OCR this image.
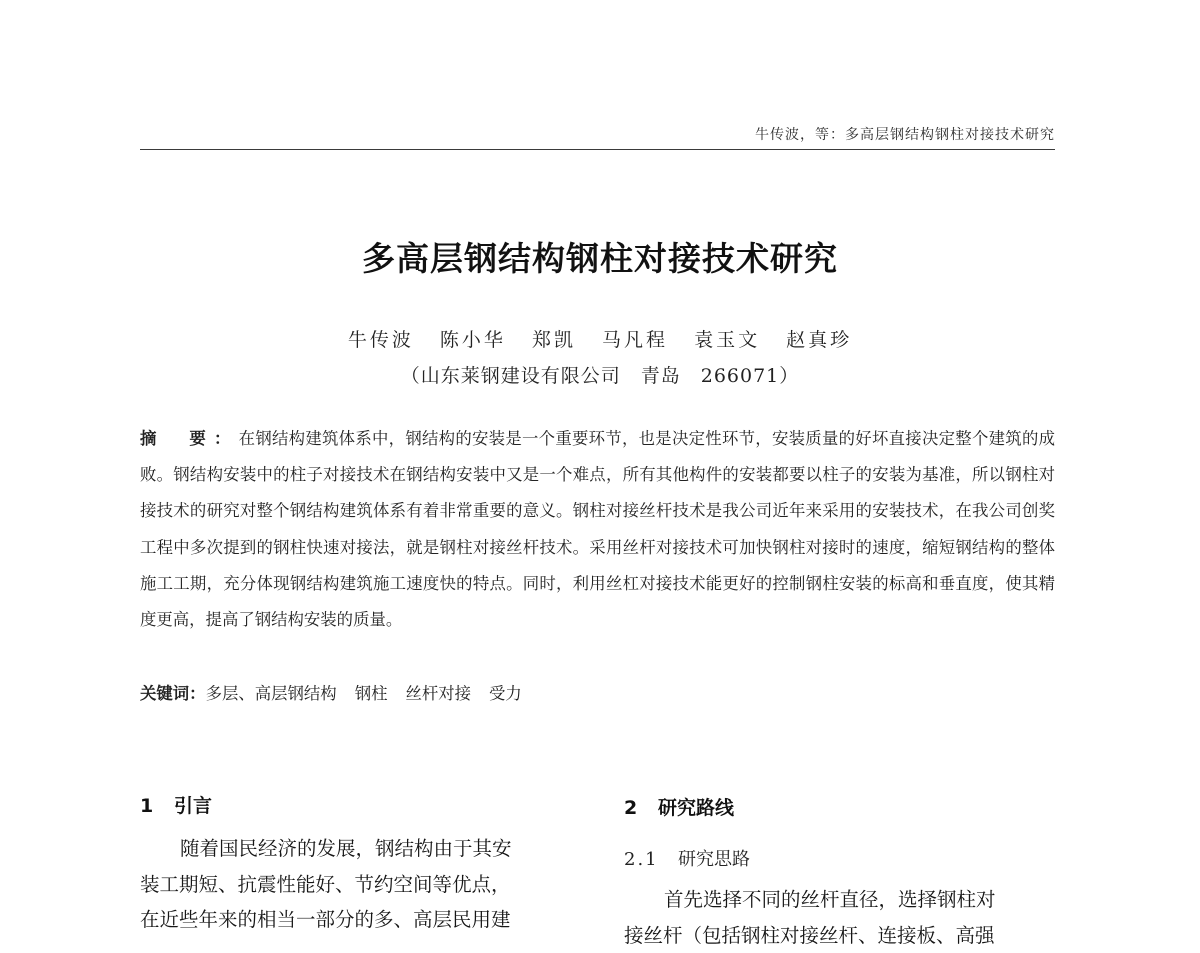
牛传波，等：多高层钢结构钢柱对接技术研究
多高层钢结构钢柱对接技术研究
牛传波 陈小华 郑凯 马凡程 袁玉文 赵真珍
（山东莱钢建设有限公司　青岛　266071）
摘　要：在钢结构建筑体系中，钢结构的安装是一个重要环节，也是决定性环节，安装质量的好坏直接决定整个建筑的成败。钢结构安装中的柱子对接技术在钢结构安装中又是一个难点，所有其他构件的安装都要以柱子的安装为基准，所以钢柱对接技术的研究对整个钢结构建筑体系有着非常重要的意义。钢柱对接丝杆技术是我公司近年来采用的安装技术，在我公司创奖工程中多次提到的钢柱快速对接法，就是钢柱对接丝杆技术。采用丝杆对接技术可加快钢柱对接时的速度，缩短钢结构的整体施工工期，充分体现钢结构建筑施工速度快的特点。同时，利用丝杠对接技术能更好的控制钢柱安装的标高和垂直度，使其精度更高，提高了钢结构安装的质量。
关键词：多层、高层钢结构 钢柱 丝杆对接 受力
1 引言
随着国民经济的发展，钢结构由于其安
装工期短、抗震性能好、节约空间等优点，
在近些年来的相当一部分的多、高层民用建
2 研究路线
2.1 研究思路
首先选择不同的丝杆直径，选择钢柱对
接丝杆（包括钢柱对接丝杆、连接板、高强
